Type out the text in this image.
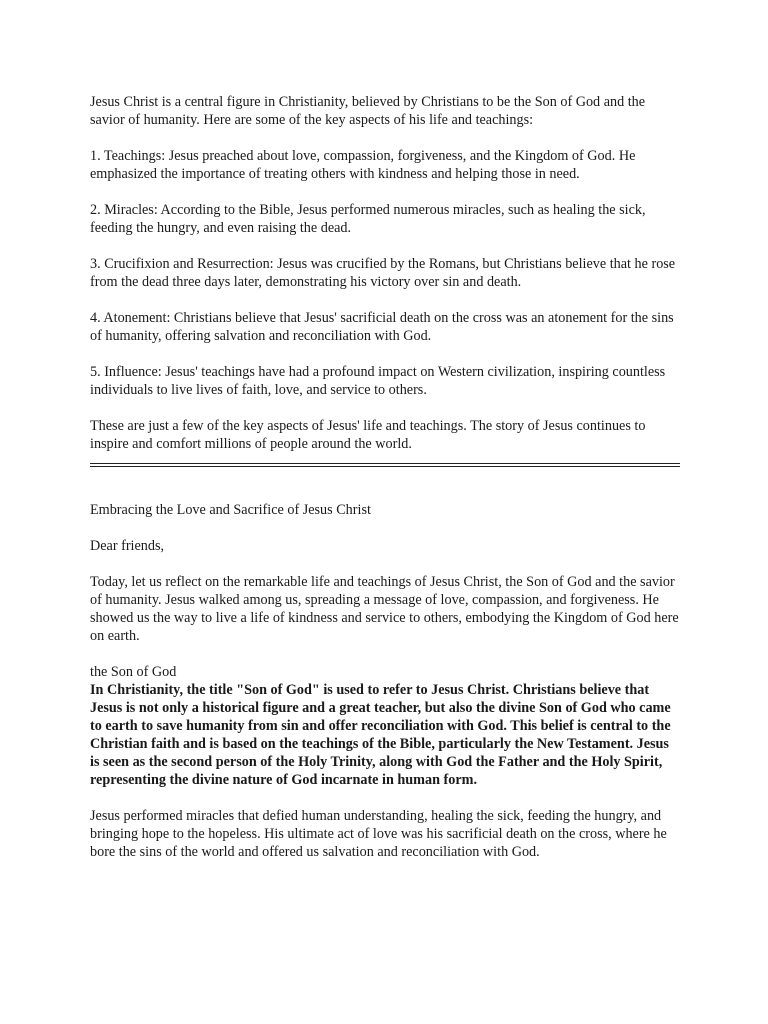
Jesus Christ is a central figure in Christianity, believed by Christians to be the Son of God and the savior of humanity. Here are some of the key aspects of his life and teachings:

1. Teachings: Jesus preached about love, compassion, forgiveness, and the Kingdom of God. He emphasized the importance of treating others with kindness and helping those in need.

2. Miracles: According to the Bible, Jesus performed numerous miracles, such as healing the sick, feeding the hungry, and even raising the dead.

3. Crucifixion and Resurrection: Jesus was crucified by the Romans, but Christians believe that he rose from the dead three days later, demonstrating his victory over sin and death.

4. Atonement: Christians believe that Jesus' sacrificial death on the cross was an atonement for the sins of humanity, offering salvation and reconciliation with God.

5. Influence: Jesus' teachings have had a profound impact on Western civilization, inspiring countless individuals to live lives of faith, love, and service to others.

These are just a few of the key aspects of Jesus' life and teachings. The story of Jesus continues to inspire and comfort millions of people around the world.

Embracing the Love and Sacrifice of Jesus Christ

Dear friends,

Today, let us reflect on the remarkable life and teachings of Jesus Christ, the Son of God and the savior of humanity. Jesus walked among us, spreading a message of love, compassion, and forgiveness. He showed us the way to live a life of kindness and service to others, embodying the Kingdom of God here on earth.

the Son of God

In Christianity, the title "Son of God" is used to refer to Jesus Christ. Christians believe that Jesus is not only a historical figure and a great teacher, but also the divine Son of God who came to earth to save humanity from sin and offer reconciliation with God. This belief is central to the Christian faith and is based on the teachings of the Bible, particularly the New Testament. Jesus is seen as the second person of the Holy Trinity, along with God the Father and the Holy Spirit, representing the divine nature of God incarnate in human form.

Jesus performed miracles that defied human understanding, healing the sick, feeding the hungry, and bringing hope to the hopeless. His ultimate act of love was his sacrificial death on the cross, where he bore the sins of the world and offered us salvation and reconciliation with God.
